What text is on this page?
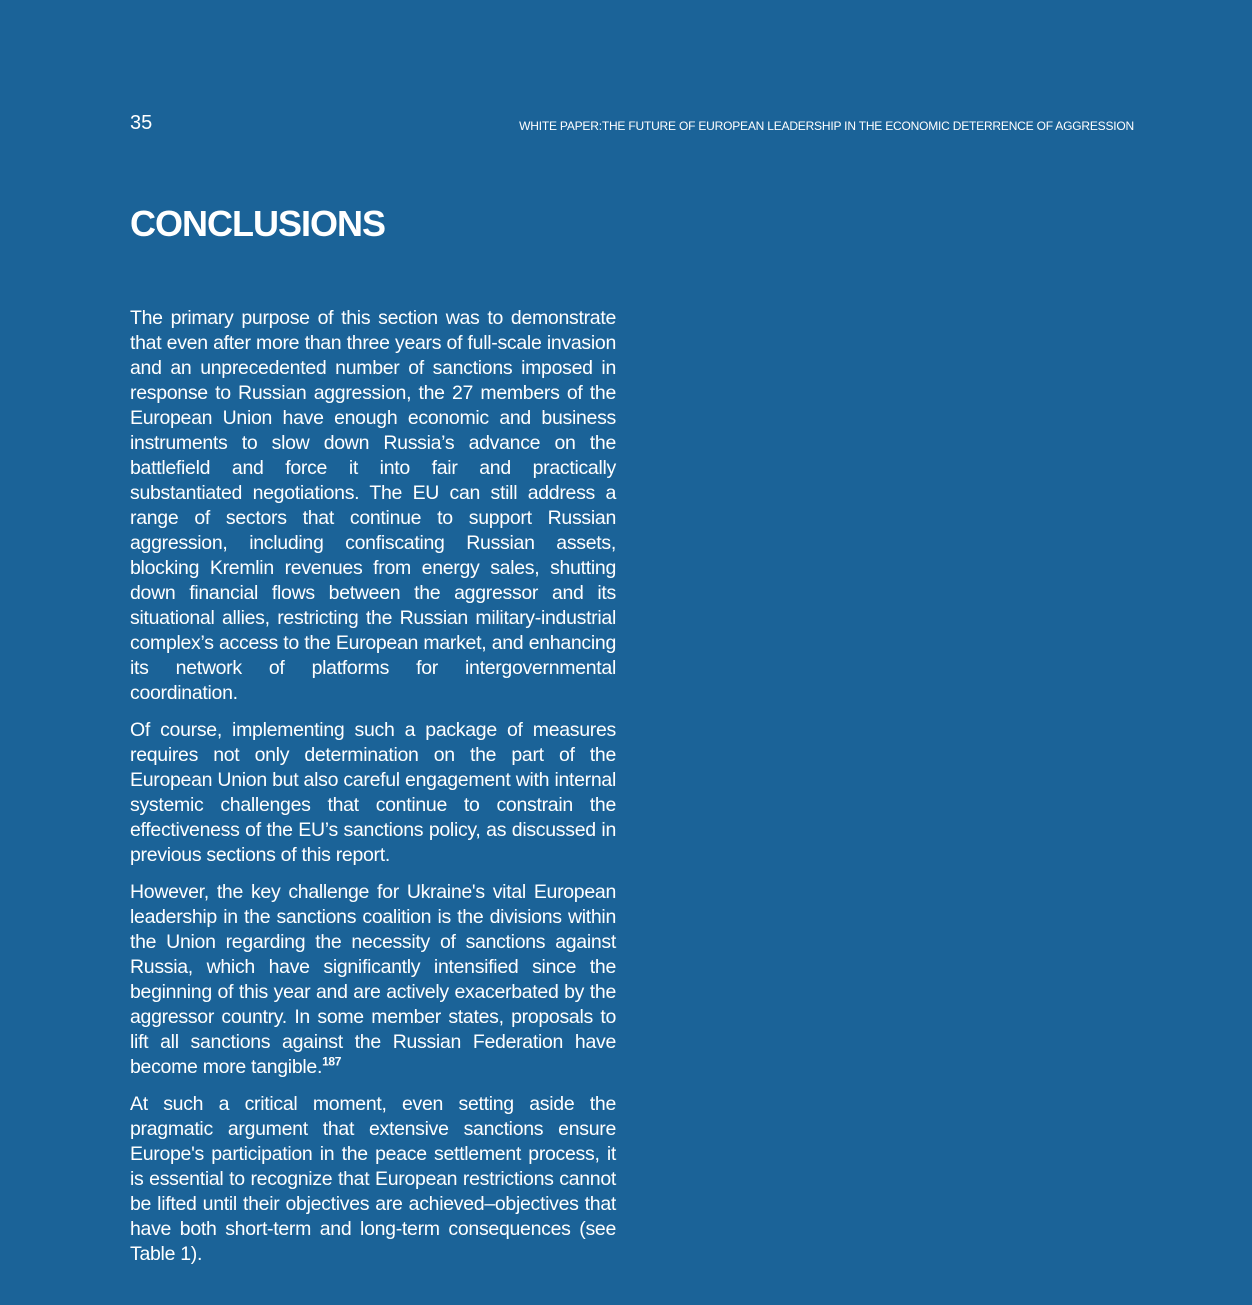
35	WHITE PAPER:THE FUTURE OF EUROPEAN LEADERSHIP IN THE ECONOMIC DETERRENCE OF AGGRESSION
CONCLUSIONS

The primary purpose of this section was to demonstrate that even after more than three years of full-scale invasion and an unprecedented number of sanctions imposed in response to Russian aggression, the 27 members of the European Union have enough economic and business instruments to slow down Russia’s advance on the battlefield and force it into fair and practically substantiated negotiations. The EU can still address a range of sectors that continue to support Russian aggression, including confiscating Russian assets, blocking Kremlin revenues from energy sales, shutting down financial flows between the aggressor and its situational allies, restricting the Russian military-industrial complex’s access to the European market, and enhancing its network of platforms for intergovernmental coordination.

Of course, implementing such a package of measures requires not only determination on the part of the European Union but also careful engagement with internal systemic challenges that continue to constrain the effectiveness of the EU’s sanctions policy, as discussed in previous sections of this report.

However, the key challenge for Ukraine's vital European leadership in the sanctions coalition is the divisions within the Union regarding the necessity of sanctions against Russia, which have significantly intensified since the beginning of this year and are actively exacerbated by the aggressor country. In some member states, proposals to lift all sanctions against the Russian Federation have become more tangible.$^{187}$

At such a critical moment, even setting aside the pragmatic argument that extensive sanctions ensure Europe's participation in the peace settlement process, it is essential to recognize that European restrictions cannot be lifted until their objectives are achieved–objectives that have both short-term and long-term consequences (see Table 1).
